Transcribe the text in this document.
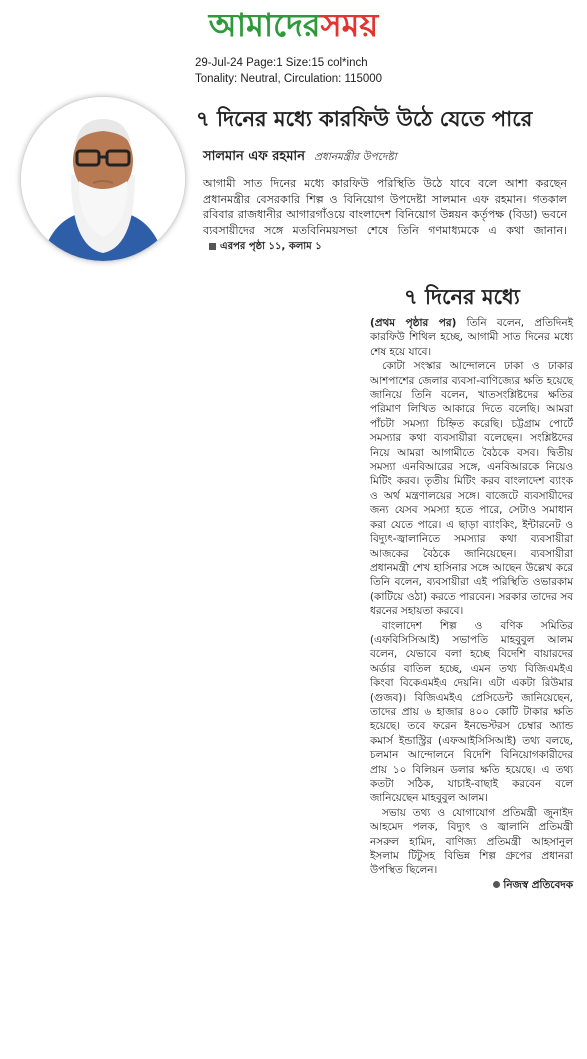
আমাদেরসময়
29-Jul-24 Page:1 Size:15 col*inch
Tonality: Neutral, Circulation: 115000
৭ দিনের মধ্যে কারফিউ উঠে যেতে পারে
সালমান এফ রহমান প্রধানমন্ত্রীর উপদেষ্টা
আগামী সাত দিনের মধ্যে কারফিউ পরিস্থিতি উঠে যাবে বলে আশা করছেন প্রধানমন্ত্রীর বেসরকারি শিল্প ও বিনিয়োগ উপদেষ্টা সালমান এফ রহমান। গতকাল রবিবার রাজধানীর আগারগাঁওয়ে বাংলাদেশ বিনিয়োগ উন্নয়ন কর্তৃপক্ষ (বিডা) ভবনে ব্যবসায়ীদের সঙ্গে মতবিনিময়সভা শেষে তিনি গণমাধ্যমকে এ কথা জানান। এরপর পৃষ্ঠা ১১, কলাম ১
৭ দিনের মধ্যে

(প্রথম পৃষ্ঠার পর) তিনি বলেন, প্রতিদিনই কারফিউ শিথিল হচ্ছে, আগামী সাত দিনের মধ্যে শেষ হয়ে যাবে।

কোটা সংস্কার আন্দোলনে ঢাকা ও ঢাকার আশপাশের জেলার ব্যবসা-বাণিজ্যের ক্ষতি হয়েছে জানিয়ে তিনি বলেন, খাতসংশ্লিষ্টদের ক্ষতির পরিমাণ লিখিত আকারে দিতে বলেছি। আমরা পাঁচটা সমস্যা চিহ্নিত করেছি। চট্টগ্রাম পোর্টে সমস্যার কথা ব্যবসায়ীরা বলেছেন। সংশ্লিষ্টদের নিয়ে আমরা আগামীতে বৈঠকে বসব। দ্বিতীয় সমস্যা এনবিআরের সঙ্গে, এনবিআরকে নিয়েও মিটিং করব। তৃতীয় মিটিং করব বাংলাদেশ ব্যাংক ও অর্থ মন্ত্রণালয়ের সঙ্গে। বাজেটে ব্যবসায়ীদের জন্য যেসব সমস্যা হতে পারে, সেটাও সমাধান করা যেতে পারে। এ ছাড়া ব্যাংকিং, ইন্টারনেট ও বিদ্যুৎ-জ্বালানিতে সমস্যার কথা ব্যবসায়ীরা আজকের বৈঠকে জানিয়েছেন। ব্যবসায়ীরা প্রধানমন্ত্রী শেখ হাসিনার সঙ্গে আছেন উল্লেখ করে তিনি বলেন, ব্যবসায়ীরা এই পরিস্থিতি ওভারকাম (কাটিয়ে ওঠা) করতে পারবেন। সরকার তাদের সব ধরনের সহায়তা করবে।

বাংলাদেশ শিল্প ও বণিক সমিতির (এফবিসিসিআই) সভাপতি মাহবুবুল আলম বলেন, যেভাবে বলা হচ্ছে বিদেশি বায়ারদের অর্ডার বাতিল হচ্ছে, এমন তথ্য বিজিএমইএ কিংবা বিকেএমইএ দেয়নি। এটা একটা রিউমার (গুজব)। বিজিএমইএ প্রেসিডেন্ট জানিয়েছেন, তাদের প্রায় ৬ হাজার ৪০০ কোটি টাকার ক্ষতি হয়েছে। তবে ফরেন ইনভেস্টরস চেম্বার অ্যান্ড কমার্স ইন্ডাস্ট্রির (এফআইসিসিআই) তথ্য বলছে, চলমান আন্দোলনে বিদেশি বিনিয়োগকারীদের প্রায় ১০ বিলিয়ন ডলার ক্ষতি হয়েছে। এ তথ্য কতটা সঠিক, যাচাই-বাছাই করবেন বলে জানিয়েছেন মাহবুবুল আলম।

সভায় তথ্য ও যোগাযোগ প্রতিমন্ত্রী জুনাইদ আহমেদ পলক, বিদ্যুৎ ও জ্বালানি প্রতিমন্ত্রী নসরুল হামিদ, বাণিজ্য প্রতিমন্ত্রী আহসানুল ইসলাম টিটুসহ বিভিন্ন শিল্প গ্রুপের প্রধানরা উপস্থিত ছিলেন।

নিজস্ব প্রতিবেদক
